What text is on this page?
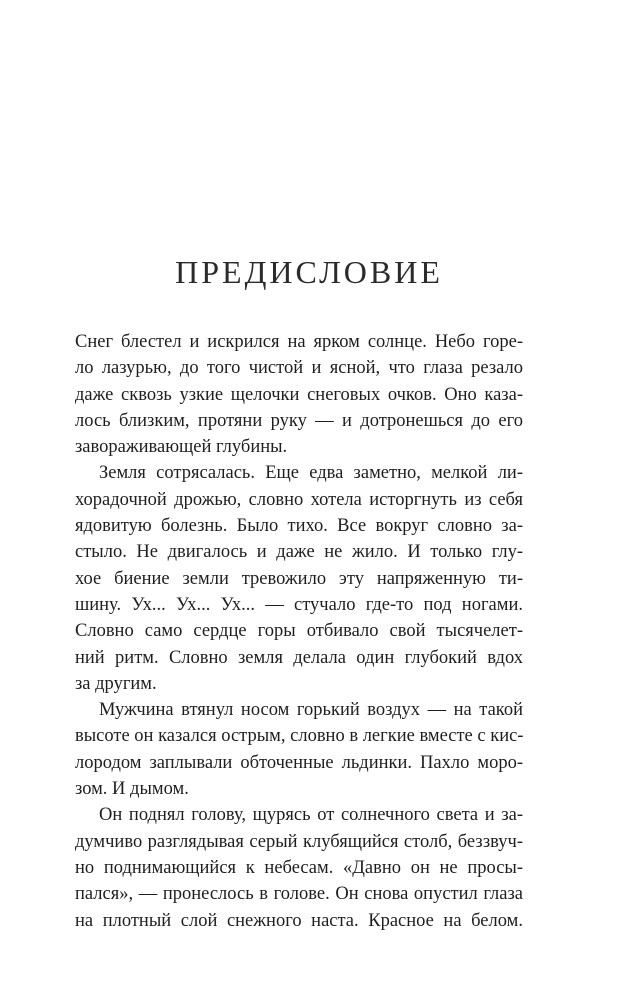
ПРЕДИСЛОВИЕ
Снег блестел и искрился на ярком солнце. Небо горе-
ло лазурью, до того чистой и ясной, что глаза резало
даже сквозь узкие щелочки снеговых очков. Оно каза-
лось близким, протяни руку — и дотронешься до его
завораживающей глубины.
Земля сотрясалась. Еще едва заметно, мелкой ли-
хорадочной дрожью, словно хотела исторгнуть из себя
ядовитую болезнь. Было тихо. Все вокруг словно за-
стыло. Не двигалось и даже не жило. И только глу-
хое биение земли тревожило эту напряженную ти-
шину. Ух... Ух... Ух... — стучало где-то под ногами.
Словно само сердце горы отбивало свой тысячелет-
ний ритм. Словно земля делала один глубокий вдох
за другим.
Мужчина втянул носом горький воздух — на такой
высоте он казался острым, словно в легкие вместе с кис-
лородом заплывали обточенные льдинки. Пахло моро-
зом. И дымом.
Он поднял голову, щурясь от солнечного света и за-
думчиво разглядывая серый клубящийся столб, беззвуч-
но поднимающийся к небесам. «Давно он не просы-
пался», — пронеслось в голове. Он снова опустил глаза
на плотный слой снежного наста. Красное на белом.
